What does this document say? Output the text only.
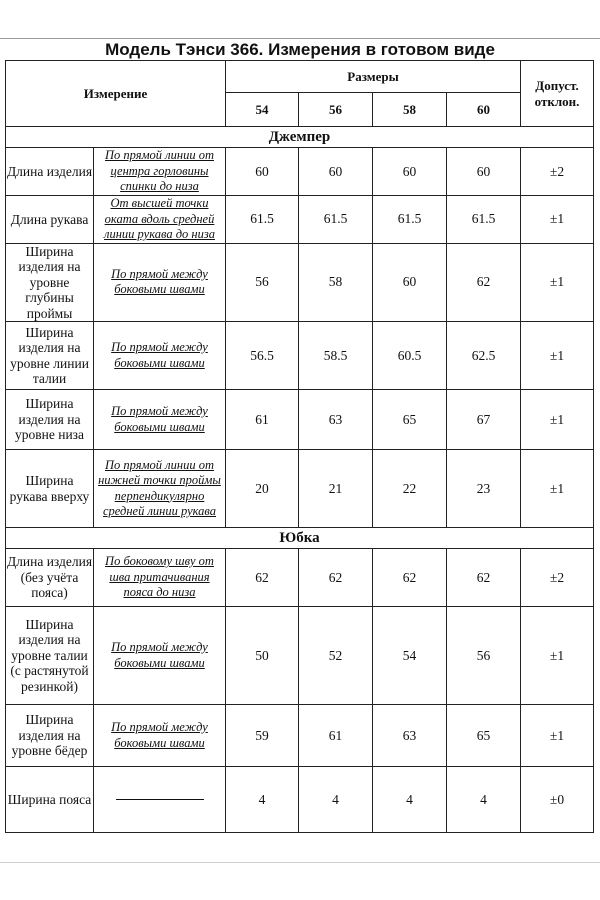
Модель Тэнси 366. Измерения в готовом виде
Измерение		Размеры				Допуст.
отклон.
		54	56	58	60	
Джемпер						
Длина изделия	По прямой линии от центра горловины спинки до низа	60	60	60	60	±2
Длина рукава	От высшей точки оката вдоль средней линии рукава до низа	61.5	61.5	61.5	61.5	±1
Ширина изделия на уровне глубины проймы	По прямой между боковыми швами	56	58	60	62	±1
Ширина изделия на уровне линии талии	По прямой между боковыми швами	56.5	58.5	60.5	62.5	±1
Ширина изделия на уровне низа	По прямой между боковыми швами	61	63	65	67	±1
Ширина рукава вверху	По прямой линии от нижней точки проймы перпендикулярно средней линии рукава	20	21	22	23	±1
Юбка						
Длина изделия (без учёта пояса)	По боковому шву от шва притачивания пояса до низа	62	62	62	62	±2
Ширина изделия на уровне талии (с растянутой резинкой)	По прямой между боковыми швами	50	52	54	56	±1
Ширина изделия на уровне бёдер	По прямой между боковыми швами	59	61	63	65	±1
Ширина пояса		4	4	4	4	±0
